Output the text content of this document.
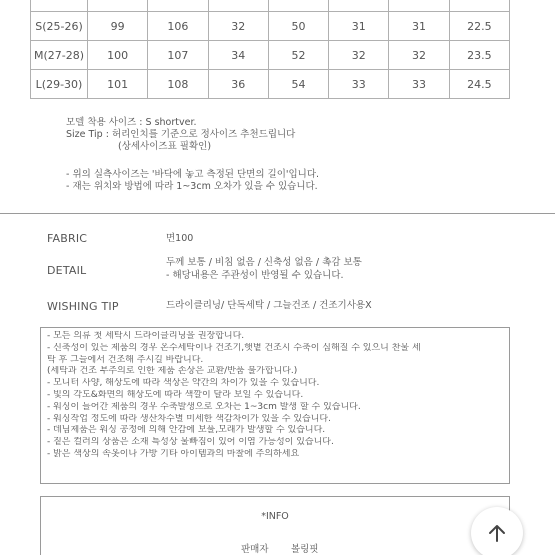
S(25-26)	99	106	32	50	31	31	22.5
M(27-28)	100	107	34	52	32	32	23.5
L(29-30)	101	108	36	54	33	33	24.5
모델 착용 사이즈 : S shortver.
Size Tip : 허리인치를 기준으로 정사이즈 추천드립니다
(상세사이즈표 필확인)
- 위의 실측사이즈는 '바닥에 놓고 측정된 단면의 길이'입니다.
- 재는 위치와 방법에 따라 1~3cm 오차가 있을 수 있습니다.
FABRIC	면100
DETAIL
두께 보통 / 비침 없음 / 신축성 없음 / 촉감 보통
- 해당내용은 주관성이 반영될 수 있습니다.
WISHING TIP	드라이클리닝/ 단독세탁 / 그늘건조 / 건조기사용X
- 모든 의류 첫 세탁시 드라이클리닝을 권장합니다.
- 신축성이 있는 제품의 경우 온수세탁이나 건조기,햇볕 건조시 수축이 심해질 수 있으니 찬물 세
탁 후 그늘에서 건조해 주시길 바랍니다.
(세탁과 건조 부주의로 인한 제품 손상은 교환/반품 불가합니다.)
- 모니터 사양, 해상도에 따라 색상은 약간의 차이가 있을 수 있습니다.
- 빛의 각도&화면의 해상도에 따라 색깔이 달라 보일 수 있습니다.
- 워싱이 들어간 제품의 경우 수축발생으로 오차는 1~3cm 발생 할 수 있습니다.
- 워싱작업 정도에 따라 생산차수별 미세한 색감차이가 있을 수 있습니다.
- 데님제품은 워싱 공정에 의해 안감에 보풀,모래가 발생할 수 있습니다.
- 짙은 컬러의 상품은 소재 특성상 물빠짐이 있어 이염 가능성이 있습니다.
- 밝은 색상의 속옷이나 가방 기타 아이템과의 마찰에 주의하세요
*INFO
판매자 볼링핏
